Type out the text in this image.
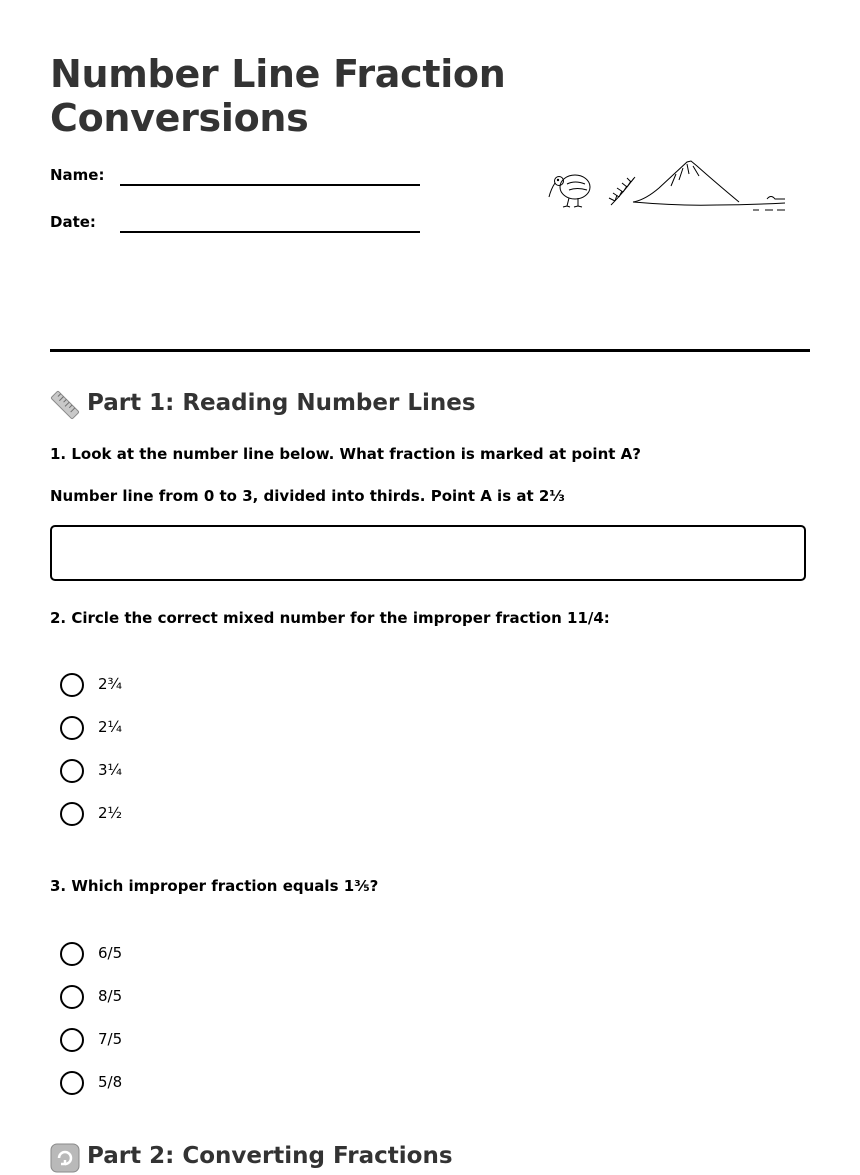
Number Line Fraction Conversions
Name:
Date:
Part 1: Reading Number Lines
1. Look at the number line below. What fraction is marked at point A?
Number line from 0 to 3, divided into thirds. Point A is at 2⅓
2. Circle the correct mixed number for the improper fraction 11/4:
2¾
2¼
3¼
2½
3. Which improper fraction equals 1⅗?
6/5
8/5
7/5
5/8
Part 2: Converting Fractions
